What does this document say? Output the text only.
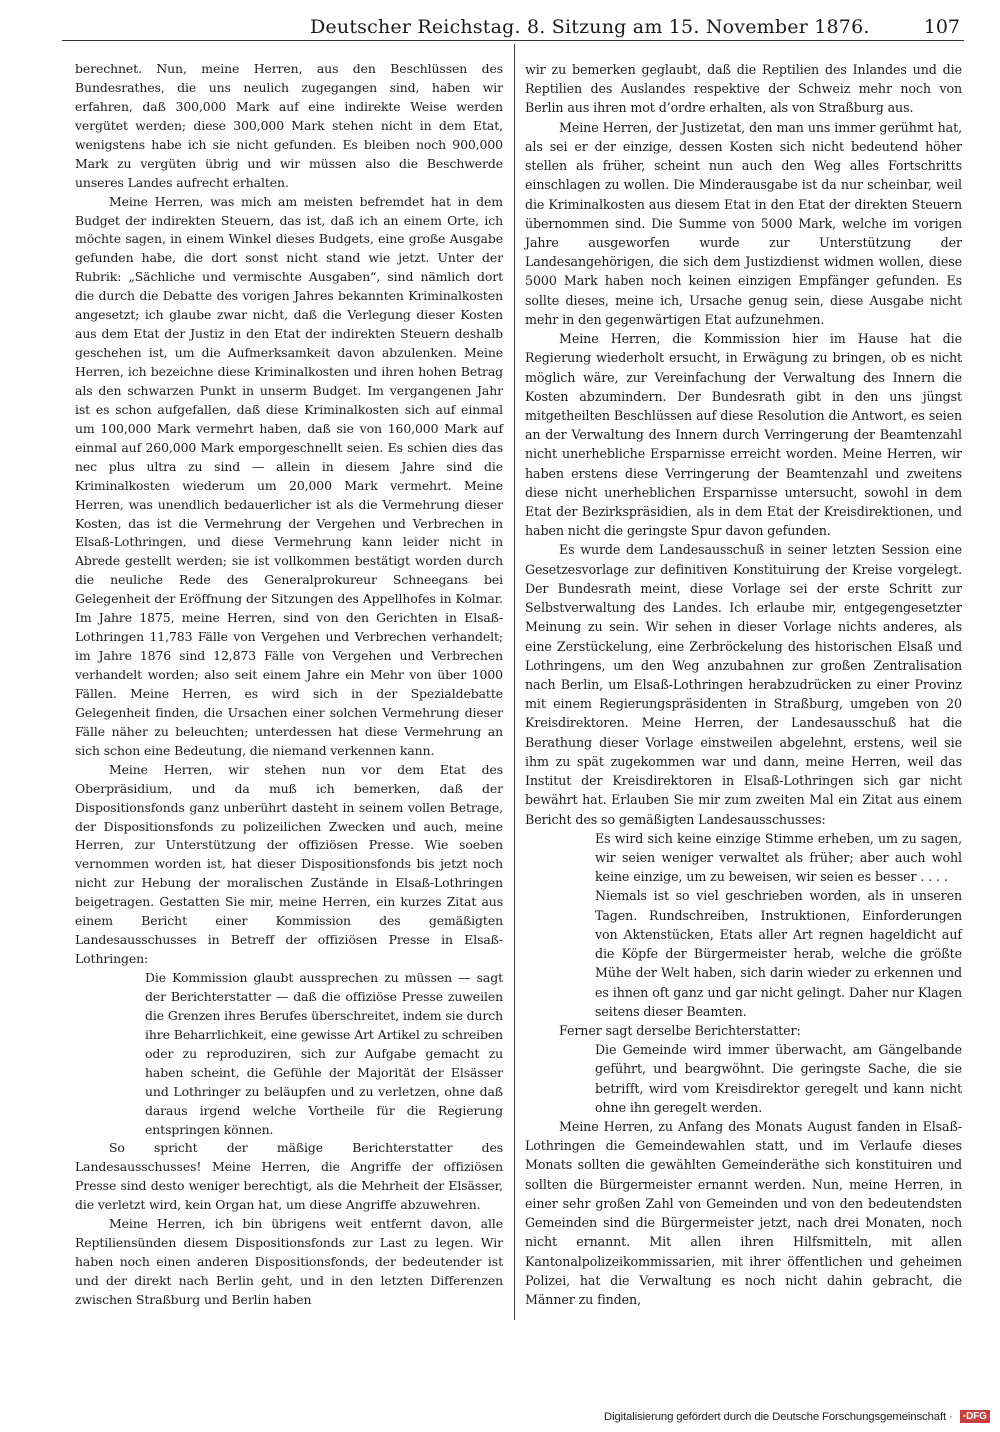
Deutscher Reichstag. 8. Sitzung am 15. November 1876.	107

berechnet. Nun, meine Herren, aus den Beschlüssen des Bundesrathes, die uns neulich zugegangen sind, haben wir erfahren, daß 300,000 Mark auf eine indirekte Weise werden vergütet werden; diese 300,000 Mark stehen nicht in dem Etat, wenigstens habe ich sie nicht gefunden. Es bleiben noch 900,000 Mark zu vergüten übrig und wir müssen also die Beschwerde unseres Landes aufrecht erhalten.

Meine Herren, was mich am meisten befremdet hat in dem Budget der indirekten Steuern, das ist, daß ich an einem Orte, ich möchte sagen, in einem Winkel dieses Budgets, eine große Ausgabe gefunden habe, die dort sonst nicht stand wie jetzt. Unter der Rubrik: „Sächliche und vermischte Ausgaben“, sind nämlich dort die durch die Debatte des vorigen Jahres bekannten Kriminalkosten angesetzt; ich glaube zwar nicht, daß die Verlegung dieser Kosten aus dem Etat der Justiz in den Etat der indirekten Steuern deshalb geschehen ist, um die Aufmerksamkeit davon abzulenken. Meine Herren, ich bezeichne diese Kriminalkosten und ihren hohen Betrag als den schwarzen Punkt in unserm Budget. Im vergangenen Jahr ist es schon aufgefallen, daß diese Kriminalkosten sich auf einmal um 100,000 Mark vermehrt haben, daß sie von 160,000 Mark auf einmal auf 260,000 Mark emporgeschnellt seien. Es schien dies das nec plus ultra zu sind — allein in diesem Jahre sind die Kriminalkosten wiederum um 20,000 Mark vermehrt. Meine Herren, was unendlich bedauerlicher ist als die Vermehrung dieser Kosten, das ist die Vermehrung der Vergehen und Verbrechen in Elsaß-Lothringen, und diese Vermehrung kann leider nicht in Abrede gestellt werden; sie ist vollkommen bestätigt worden durch die neuliche Rede des Generalprokureur Schneegans bei Gelegenheit der Eröffnung der Sitzungen des Appellhofes in Kolmar. Im Jahre 1875, meine Herren, sind von den Gerichten in Elsaß-Lothringen 11,783 Fälle von Vergehen und Verbrechen verhandelt; im Jahre 1876 sind 12,873 Fälle von Vergehen und Verbrechen verhandelt worden; also seit einem Jahre ein Mehr von über 1000 Fällen. Meine Herren, es wird sich in der Spezialdebatte Gelegenheit finden, die Ursachen einer solchen Vermehrung dieser Fälle näher zu beleuchten; unterdessen hat diese Vermehrung an sich schon eine Bedeutung, die niemand verkennen kann.

Meine Herren, wir stehen nun vor dem Etat des Oberpräsidium, und da muß ich bemerken, daß der Dispositionsfonds ganz unberührt dasteht in seinem vollen Betrage, der Dispositionsfonds zu polizeilichen Zwecken und auch, meine Herren, zur Unterstützung der offiziösen Presse. Wie soeben vernommen worden ist, hat dieser Dispositionsfonds bis jetzt noch nicht zur Hebung der moralischen Zustände in Elsaß-Lothringen beigetragen. Gestatten Sie mir, meine Herren, ein kurzes Zitat aus einem Bericht einer Kommission des gemäßigten Landesausschusses in Betreff der offiziösen Presse in Elsaß-Lothringen:

Die Kommission glaubt aussprechen zu müssen — sagt der Berichterstatter — daß die offiziöse Presse zuweilen die Grenzen ihres Berufes überschreitet, indem sie durch ihre Beharrlichkeit, eine gewisse Art Artikel zu schreiben oder zu reproduziren, sich zur Aufgabe gemacht zu haben scheint, die Gefühle der Majorität der Elsässer und Lothringer zu beläupfen und zu verletzen, ohne daß daraus irgend welche Vortheile für die Regierung entspringen können.

So spricht der mäßige Berichterstatter des Landesausschusses! Meine Herren, die Angriffe der offiziösen Presse sind desto weniger berechtigt, als die Mehrheit der Elsässer, die verletzt wird, kein Organ hat, um diese Angriffe abzuwehren.

Meine Herren, ich bin übrigens weit entfernt davon, alle Reptiliensünden diesem Dispositionsfonds zur Last zu legen. Wir haben noch einen anderen Dispositionsfonds, der bedeutender ist und der direkt nach Berlin geht, und in den letzten Differenzen zwischen Straßburg und Berlin haben

wir zu bemerken geglaubt, daß die Reptilien des Inlandes und die Reptilien des Auslandes respektive der Schweiz mehr noch von Berlin aus ihren mot d’ordre erhalten, als von Straßburg aus.

Meine Herren, der Justizetat, den man uns immer gerühmt hat, als sei er der einzige, dessen Kosten sich nicht bedeutend höher stellen als früher, scheint nun auch den Weg alles Fortschritts einschlagen zu wollen. Die Minderausgabe ist da nur scheinbar, weil die Kriminalkosten aus diesem Etat in den Etat der direkten Steuern übernommen sind. Die Summe von 5000 Mark, welche im vorigen Jahre ausgeworfen wurde zur Unterstützung der Landesangehörigen, die sich dem Justizdienst widmen wollen, diese 5000 Mark haben noch keinen einzigen Empfänger gefunden. Es sollte dieses, meine ich, Ursache genug sein, diese Ausgabe nicht mehr in den gegenwärtigen Etat aufzunehmen.

Meine Herren, die Kommission hier im Hause hat die Regierung wiederholt ersucht, in Erwägung zu bringen, ob es nicht möglich wäre, zur Vereinfachung der Verwaltung des Innern die Kosten abzumindern. Der Bundesrath gibt in den uns jüngst mitgetheilten Beschlüssen auf diese Resolution die Antwort, es seien an der Verwaltung des Innern durch Verringerung der Beamtenzahl nicht unerhebliche Ersparnisse erreicht worden. Meine Herren, wir haben erstens diese Verringerung der Beamtenzahl und zweitens diese nicht unerheblichen Ersparnisse untersucht, sowohl in dem Etat der Bezirkspräsidien, als in dem Etat der Kreisdirektionen, und haben nicht die geringste Spur davon gefunden.

Es wurde dem Landesausschuß in seiner letzten Session eine Gesetzesvorlage zur definitiven Konstituirung der Kreise vorgelegt. Der Bundesrath meint, diese Vorlage sei der erste Schritt zur Selbstverwaltung des Landes. Ich erlaube mir, entgegengesetzter Meinung zu sein. Wir sehen in dieser Vorlage nichts anderes, als eine Zerstückelung, eine Zerbröckelung des historischen Elsaß und Lothringens, um den Weg anzubahnen zur großen Zentralisation nach Berlin, um Elsaß-Lothringen herabzudrücken zu einer Provinz mit einem Regierungspräsidenten in Straßburg, umgeben von 20 Kreisdirektoren. Meine Herren, der Landesausschuß hat die Berathung dieser Vorlage einstweilen abgelehnt, erstens, weil sie ihm zu spät zugekommen war und dann, meine Herren, weil das Institut der Kreisdirektoren in Elsaß-Lothringen sich gar nicht bewährt hat. Erlauben Sie mir zum zweiten Mal ein Zitat aus einem Bericht des so gemäßigten Landesausschusses:

Es wird sich keine einzige Stimme erheben, um zu sagen, wir seien weniger verwaltet als früher; aber auch wohl keine einzige, um zu beweisen, wir seien es besser . . . .

Niemals ist so viel geschrieben worden, als in unseren Tagen. Rundschreiben, Instruktionen, Einforderungen von Aktenstücken, Etats aller Art regnen hageldicht auf die Köpfe der Bürgermeister herab, welche die größte Mühe der Welt haben, sich darin wieder zu erkennen und es ihnen oft ganz und gar nicht gelingt. Daher nur Klagen seitens dieser Beamten.

Ferner sagt derselbe Berichterstatter:

Die Gemeinde wird immer überwacht, am Gängelbande geführt, und beargwöhnt. Die geringste Sache, die sie betrifft, wird vom Kreisdirektor geregelt und kann nicht ohne ihn geregelt werden.

Meine Herren, zu Anfang des Monats August fanden in Elsaß-Lothringen die Gemeindewahlen statt, und im Verlaufe dieses Monats sollten die gewählten Gemeinderäthe sich konstituiren und sollten die Bürgermeister ernannt werden. Nun, meine Herren, in einer sehr großen Zahl von Gemeinden und von den bedeutendsten Gemeinden sind die Bürgermeister jetzt, nach drei Monaten, noch nicht ernannt. Mit allen ihren Hilfsmitteln, mit allen Kantonalpolizeikommissarien, mit ihrer öffentlichen und geheimen Polizei, hat die Verwaltung es noch nicht dahin gebracht, die Männer zu finden,

Digitalisierung gefördert durch die Deutsche Forschungsgemeinschaft · ▪DFG
